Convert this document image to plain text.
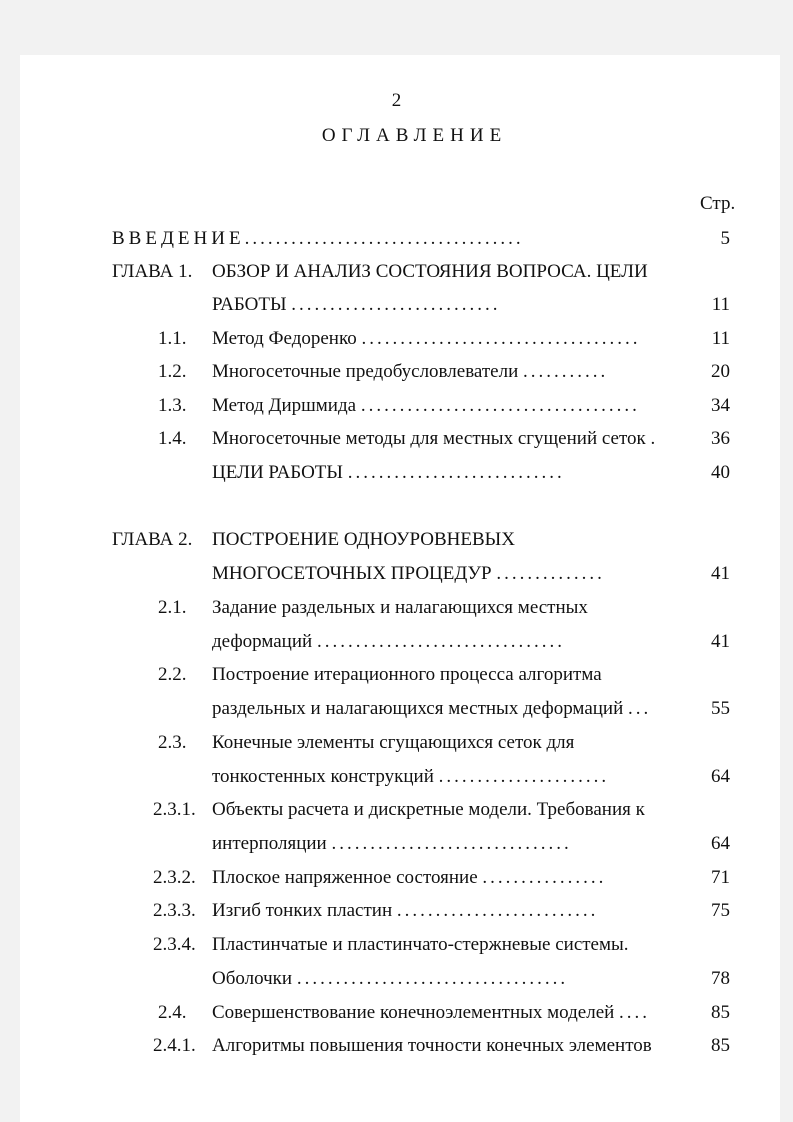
2
ОГЛАВЛЕНИЕ
Стр.
ВВЕДЕНИЕ....................................	5
ГЛАВА 1. ОБЗОР И АНАЛИЗ СОСТОЯНИЯ ВОПРОСА. ЦЕЛИ
РАБОТЫ ...........................	11
1.1. Метод Федоренко ....................................	11
1.2. Многосеточные предобусловлеватели ...........	20
1.3. Метод Диршмида ....................................	34
1.4. Многосеточные методы для местных сгущений сеток .	36
ЦЕЛИ РАБОТЫ ............................	40
ГЛАВА 2. ПОСТРОЕНИЕ ОДНОУРОВНЕВЫХ
МНОГОСЕТОЧНЫХ ПРОЦЕДУР ..............	41
2.1. Задание раздельных и налагающихся местных
деформаций ................................	41
2.2. Построение итерационного процесса алгоритма
раздельных и налагающихся местных деформаций ...	55
2.3. Конечные элементы сгущающихся сеток для
тонкостенных конструкций ......................	64
2.3.1. Объекты расчета и дискретные модели. Требования к
интерполяции ...............................	64
2.3.2. Плоское напряженное состояние ................	71
2.3.3. Изгиб тонких пластин ..........................	75
2.3.4. Пластинчатые и пластинчато-стержневые системы.
Оболочки ...................................	78
2.4. Совершенствование конечноэлементных моделей ....	85
2.4.1. Алгоритмы повышения точности конечных элементов	85
